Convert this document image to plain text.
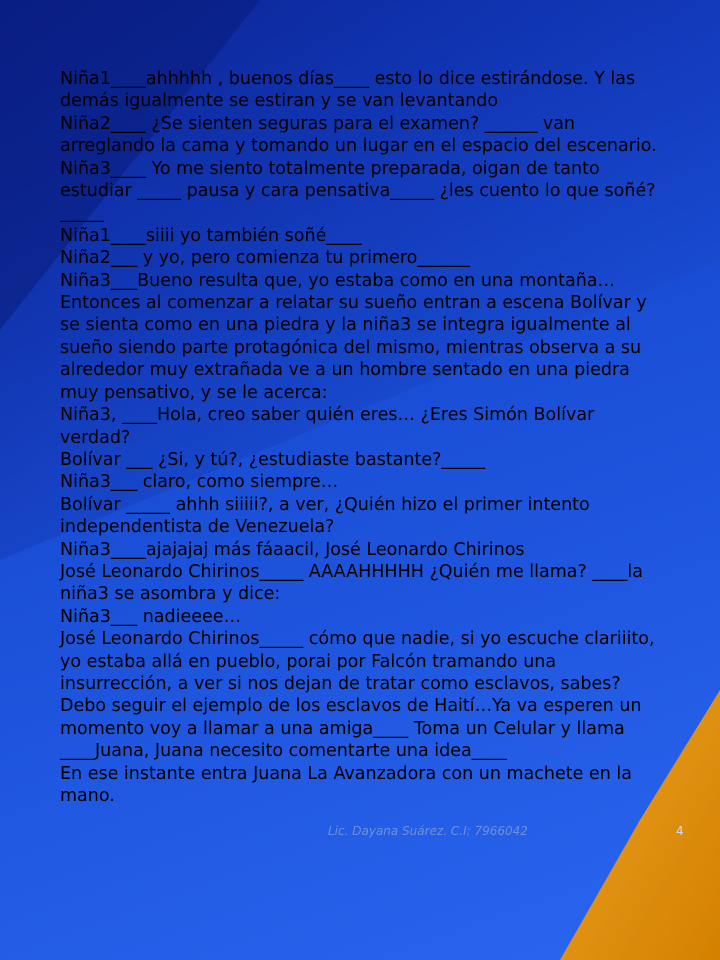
Niña1____ahhhhh , buenos días____ esto lo dice estirándose. Y las demás igualmente se estiran y se van levantando

Niña2____ ¿Se sienten seguras para el examen? ______ van arreglando la cama y tomando un lugar en el espacio del escenario.

Niña3____ Yo me siento totalmente preparada, oigan de tanto estudiar _____ pausa y cara pensativa_____ ¿les cuento lo que soñé?_____

Niña1____siiii yo también soñé____

Niña2___ y yo, pero comienza tu primero______

Niña3___Bueno resulta que, yo estaba como en una montaña… Entonces al comenzar a relatar su sueño entran a escena Bolívar y se sienta como en una piedra y la niña3 se integra igualmente al sueño siendo parte protagónica del mismo, mientras observa a su alrededor muy extrañada ve a un hombre sentado en una piedra muy pensativo, y se le acerca:

Niña3, ____Hola, creo saber quién eres… ¿Eres Simón Bolívar verdad?

Bolívar ___ ¿Si, y tú?, ¿estudiaste bastante?_____

Niña3___ claro, como siempre…

Bolívar _____ ahhh siiiii?, a ver, ¿Quién hizo el primer intento independentista de Venezuela?

Niña3____ajajajaj más fáaacil, José Leonardo Chirinos

José Leonardo Chirinos_____ AAAAHHHHH ¿Quién me llama? ____la niña3 se asombra y dice:

Niña3___ nadieeee…

José Leonardo Chirinos_____ cómo que nadie, si yo escuche clariiito, yo estaba allá en pueblo, porai por Falcón tramando una insurrección, a ver si nos dejan de tratar como esclavos, sabes? Debo seguir el ejemplo de los esclavos de Haití…Ya va esperen un momento voy a llamar a una amiga____ Toma un Celular y llama ____Juana, Juana necesito comentarte una idea____

En ese instante entra Juana La Avanzadora con un machete en la mano.

Lic. Dayana Suárez. C.I: 7966042	4
